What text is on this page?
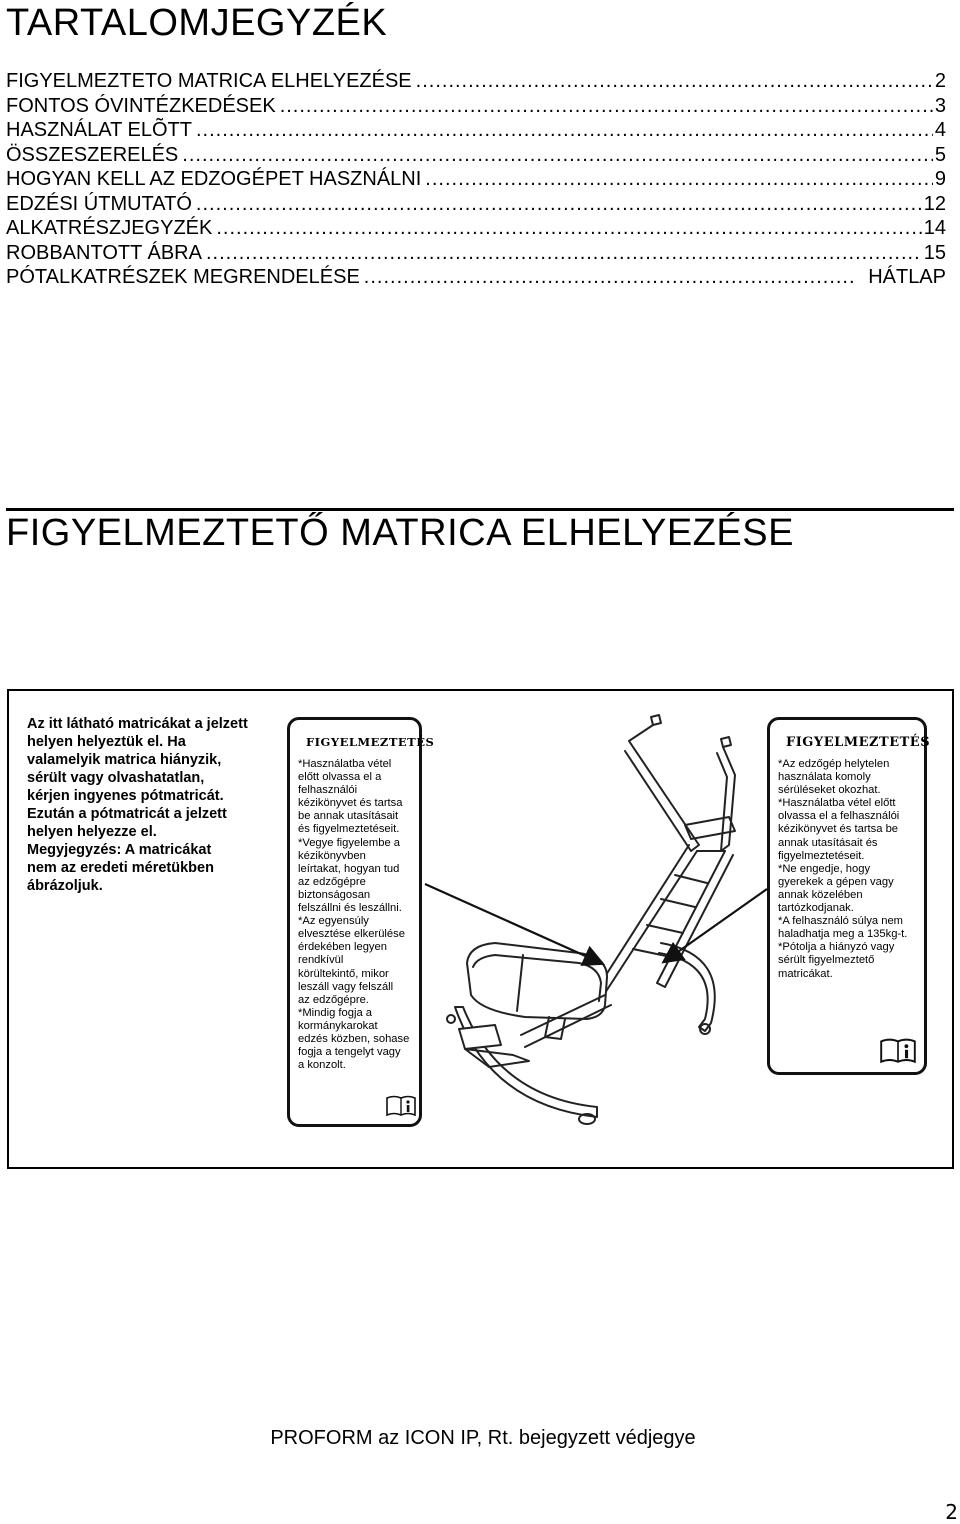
TARTALOMJEGYZÉK
FIGYELMEZTETO MATRICA ELHELYEZÉSE .....	2
FONTOS ÓVINTÉZKEDÉSEK .....	3
HASZNÁLAT ELÕTT .....	4
ÖSSZESZERELÉS .....	5
HOGYAN KELL AZ EDZOGÉPET HASZNÁLNI .....	9
EDZÉSI ÚTMUTATÓ .....	12
ALKATRÉSZJEGYZÉK .....	14
ROBBANTOTT ÁBRA .....	15
PÓTALKATRÉSZEK MEGRENDELÉSE .....	HÁTLAP
FIGYELMEZTETŐ MATRICA ELHELYEZÉSE
Az itt látható matricákat a jelzett
helyen helyeztük el. Ha
valamelyik matrica hiányzik,
sérült vagy olvashatatlan,
kérjen ingyenes pótmatricát.
Ezután a pótmatricát a jelzett
helyen helyezze el.
Megyjegyzés: A matricákat
nem az eredeti méretükben
ábrázoljuk.
FIGYELMEZTETÉS
*Használatba vétel
előtt olvassa el a
felhasználói
kézikönyvet és tartsa
be annak utasításait
és figyelmeztetéseit.
*Vegye figyelembe a
kézikönyvben
leírtakat, hogyan tud
az edzőgépre
biztonságosan
felszállni és leszállni.
*Az egyensúly
elvesztése elkerülése
érdekében legyen
rendkívül
körültekintő, mikor
leszáll vagy felszáll
az edzőgépre.
*Mindig fogja a
kormánykarokat
edzés közben, sohase
fogja a tengelyt vagy
a konzolt.
FIGYELMEZTETÉS
*Az edzőgép helytelen
használata komoly
sérüléseket okozhat.
*Használatba vétel előtt
olvassa el a felhasználói
kézikönyvet és tartsa be
annak utasításait és
figyelmeztetéseit.
*Ne engedje, hogy
gyerekek a gépen vagy
annak közelében
tartózkodjanak.
*A felhasználó súlya nem
haladhatja meg a 135kg-t.
*Pótolja a hiányzó vagy
sérült figyelmeztető
matricákat.
PROFORM az ICON IP, Rt. bejegyzett védjegye
2
